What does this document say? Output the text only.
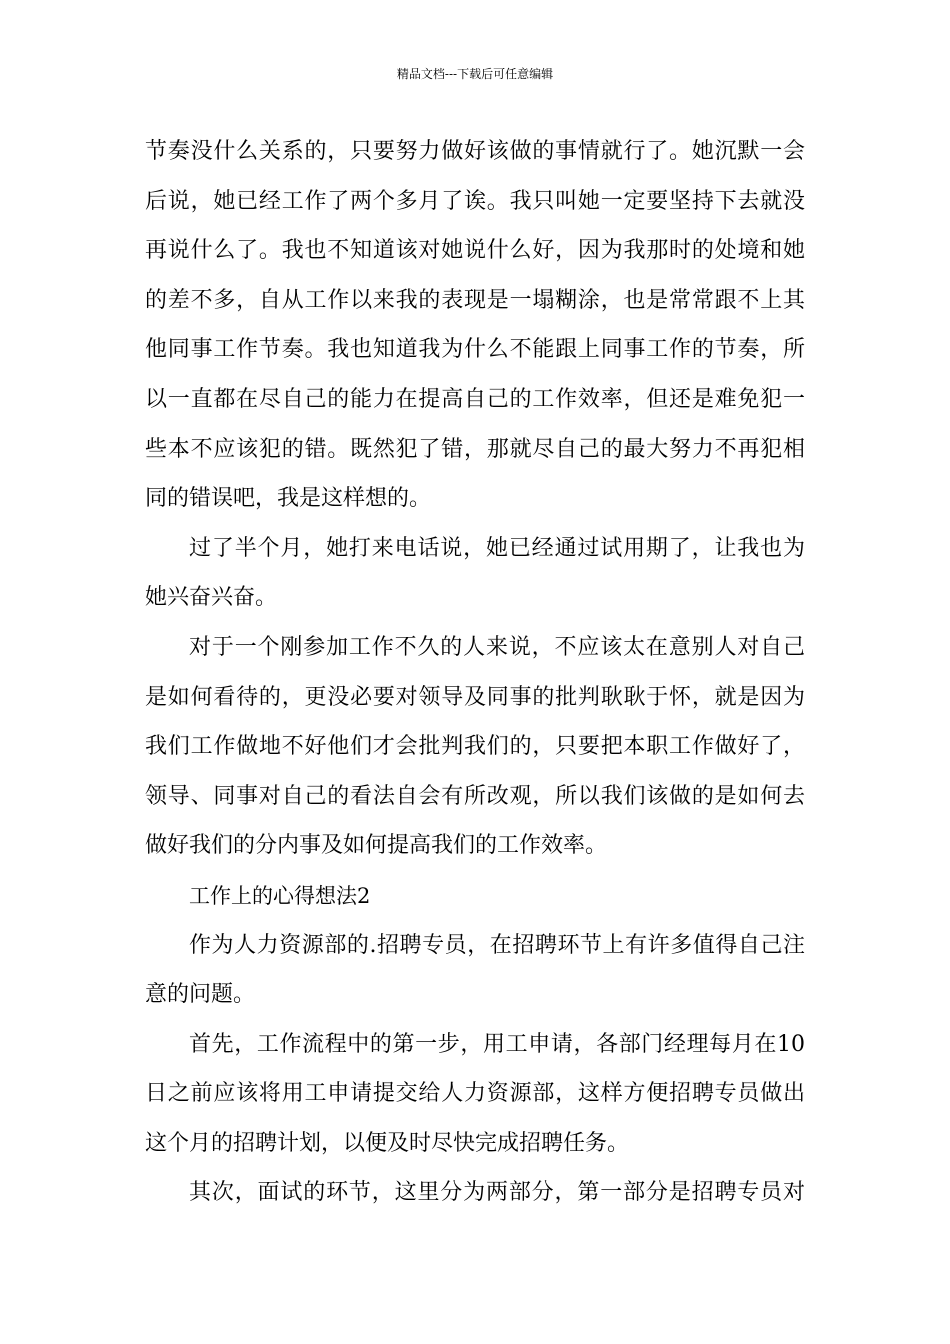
精品文档---下载后可任意编辑
节奏没什么关系的，只要努力做好该做的事情就行了。她沉默一会
后说，她已经工作了两个多月了诶。我只叫她一定要坚持下去就没
再说什么了。我也不知道该对她说什么好，因为我那时的处境和她
的差不多，自从工作以来我的表现是一塌糊涂，也是常常跟不上其
他同事工作节奏。我也知道我为什么不能跟上同事工作的节奏，所
以一直都在尽自己的能力在提高自己的工作效率，但还是难免犯一
些本不应该犯的错。既然犯了错，那就尽自己的最大努力不再犯相
同的错误吧，我是这样想的。
过了半个月，她打来电话说，她已经通过试用期了，让我也为
她兴奋兴奋。
对于一个刚参加工作不久的人来说，不应该太在意别人对自己
是如何看待的，更没必要对领导及同事的批判耿耿于怀，就是因为
我们工作做地不好他们才会批判我们的，只要把本职工作做好了，
领导、同事对自己的看法自会有所改观，所以我们该做的是如何去
做好我们的分内事及如何提高我们的工作效率。
工作上的心得想法2
作为人力资源部的.招聘专员，在招聘环节上有许多值得自己注
意的问题。
首先，工作流程中的第一步，用工申请，各部门经理每月在10
日之前应该将用工申请提交给人力资源部，这样方便招聘专员做出
这个月的招聘计划，以便及时尽快完成招聘任务。
其次，面试的环节，这里分为两部分，第一部分是招聘专员对
